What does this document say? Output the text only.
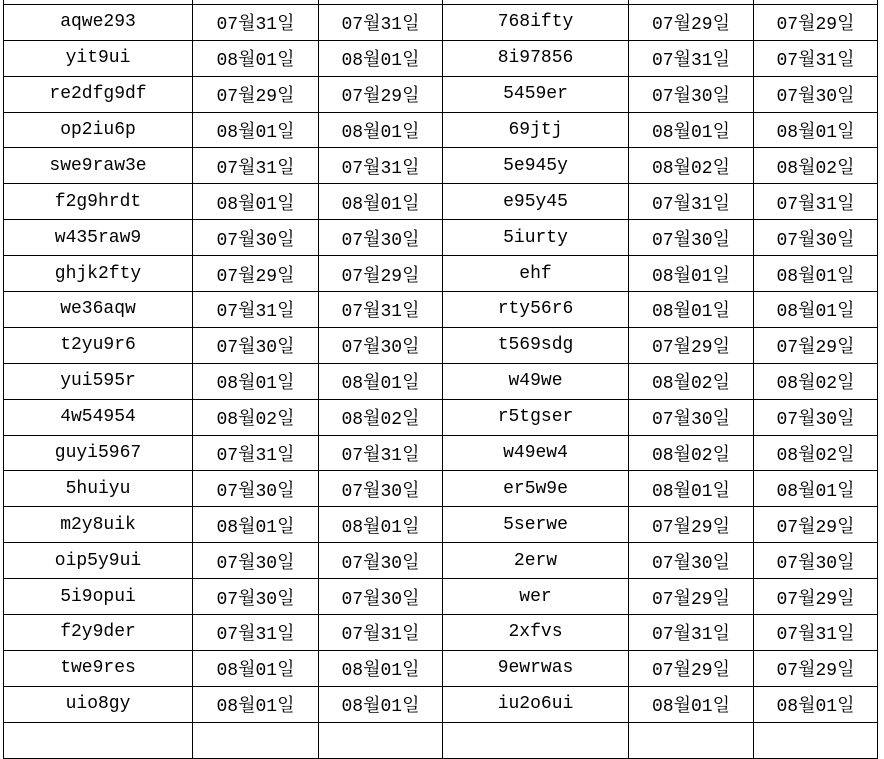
aqwe293	07월31일	07월31일	768ifty	07월29일	07월29일
yit9ui	08월01일	08월01일	8i97856	07월31일	07월31일
re2dfg9df	07월29일	07월29일	5459er	07월30일	07월30일
op2iu6p	08월01일	08월01일	69jtj	08월01일	08월01일
swe9raw3e	07월31일	07월31일	5e945y	08월02일	08월02일
f2g9hrdt	08월01일	08월01일	e95y45	07월31일	07월31일
w435raw9	07월30일	07월30일	5iurty	07월30일	07월30일
ghjk2fty	07월29일	07월29일	ehf	08월01일	08월01일
we36aqw	07월31일	07월31일	rty56r6	08월01일	08월01일
t2yu9r6	07월30일	07월30일	t569sdg	07월29일	07월29일
yui595r	08월01일	08월01일	w49we	08월02일	08월02일
4w54954	08월02일	08월02일	r5tgser	07월30일	07월30일
guyi5967	07월31일	07월31일	w49ew4	08월02일	08월02일
5huiyu	07월30일	07월30일	er5w9e	08월01일	08월01일
m2y8uik	08월01일	08월01일	5serwe	07월29일	07월29일
oip5y9ui	07월30일	07월30일	2erw	07월30일	07월30일
5i9opui	07월30일	07월30일	wer	07월29일	07월29일
f2y9der	07월31일	07월31일	2xfvs	07월31일	07월31일
twe9res	08월01일	08월01일	9ewrwas	07월29일	07월29일
uio8gy	08월01일	08월01일	iu2o6ui	08월01일	08월01일
